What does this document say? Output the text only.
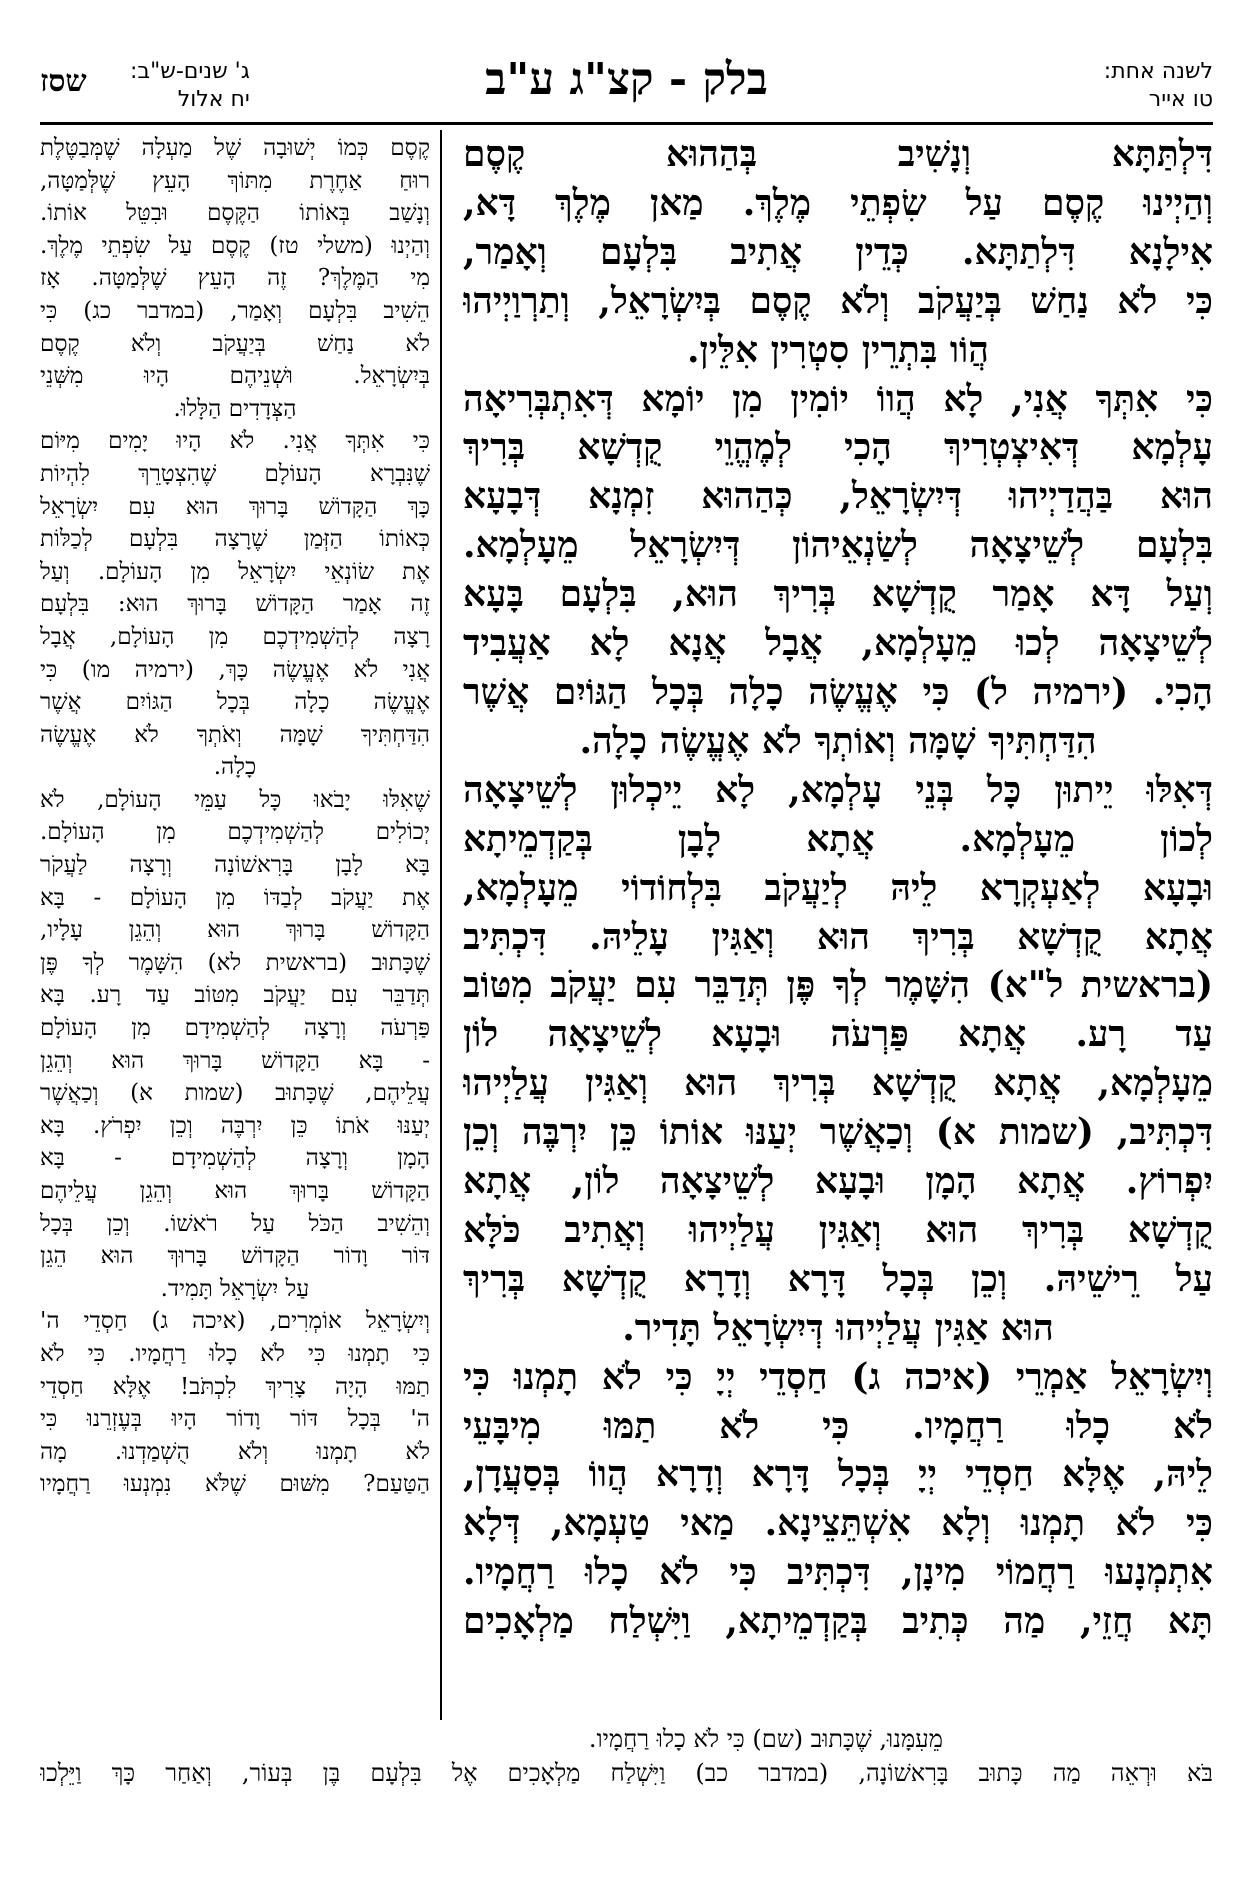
לשנה אחת:
טו אייר
בלק - קצ"ג ע"ב
ג' שנים-ש"ב:
יח אלול
שסז

דִּלְתַּתָּא וְנָשִׁיב בְּהַהוּא קֶסֶם

וְהַיְינוּ קֶסֶם עַל שִׂפְתֵי מֶלֶךְ. מַאן מֶלֶךְ דָּא,

אִילָנָא דִּלְתַתָּא. כְּדֵין אֲתִיב בִּלְעָם וְאָמַר,

כִּי לֹא נַחַשׁ בְּיַעֲקֹב וְלֹא קֶסֶם בְּיִשְׂרָאֵל, וְתַרְוַיְיהוּ

הֲוֹו בִּתְרֵין סִטְרִין אִלֵּין.

כִּי אִתְּךָ אֲנִי, לָא הֲווֹ יוֹמִין מִן יוֹמָא דְּאִתְבְּרִיאָה

עָלְמָא דְּאִיצְטְרִיךְ הָכִי לְמֶהֱוֵי קֻדְשָׁא בְּרִיךְ

הוּא בַּהֲדַיְיהוּ דְּיִשְׂרָאֵל, כְּהַהוּא זִמְנָא דְּבָעָא

בִּלְעָם לְשֵׁיצָאָה לְשַׂנְאֵיהוֹן דְּיִשְׂרָאֵל מֵעָלְמָא.

וְעַל דָּא אָמַר קֻדְשָׁא בְּרִיךְ הוּא, בִּלְעָם בָּעָא

לְשֵׁיצָאָה לְכוּ מֵעָלְמָא, אֲבָל אֲנָא לָא אַעֲבִיד

הָכִי. (ירמיה ל) כִּי אֶעֱשֶׂה כָלָה בְּכָל הַגּוֹיִם אֲשֶׁר

הִדַּחְתִּיךָ שָׁמָּה וְאוֹתְךָ לֹא אֶעֱשֶׂה כָלָה.

דְּאִלּוּ יֵיתוּן כָּל בְּנֵי עָלְמָא, לָא יֵיכְלוּן לְשֵׁיצָאָה

לְכוֹן מֵעָלְמָא. אֲתָא לָבָן בְּקַדְמֵיתָא

וּבָעָא לְאַעְקְרָא לֵיהּ לְיַעֲקֹב בִּלְחוֹדוֹי מֵעָלְמָא,

אֲתָא קֻדְשָׁא בְּרִיךְ הוּא וְאַגִּין עָלֵיהּ. דִּכְתִּיב

(בראשית ל"א) הִשָּׁמֶר לְךָ פֶּן תְּדַבֵּר עִם יַעֲקֹב מִטּוֹב

עַד רָע. אֲתָא פַּרְעֹה וּבָעָא לְשֵׁיצָאָה לוֹן

מֵעָלְמָא, אֲתָא קֻדְשָׁא בְּרִיךְ הוּא וְאַגִּין עֲלַיְיהוּ

דִּכְתִּיב, (שמות א) וְכַאֲשֶׁר יְעַנּוּ אוֹתוֹ כֵּן יִרְבֶּה וְכֵן

יִפְרוֹץ. אֲתָא הָמָן וּבָעָא לְשֵׁיצָאָה לוֹן, אֲתָא

קֻדְשָׁא בְּרִיךְ הוּא וְאַגִּין עֲלַיְיהוּ וְאֲתִיב כֹּלָּא

עַל רֵישֵׁיהּ. וְכֵן בְּכָל דָּרָא וְדָרָא קֻדְשָׁא בְּרִיךְ

הוּא אַגִּין עֲלַיְיהוּ דְּיִשְׂרָאֵל תָּדִיר.

וְיִשְׂרָאֵל אַמְרֵי (איכה ג) חַסְדֵי יְיָ כִּי לֹא תָמְנוּ כִּי

לֹא כָלוּ רַחֲמָיו. כִּי לֹא תַמּוּ מִיבָּעֵי

לֵיהּ, אֶלָּא חַסְדֵי יְיָ בְּכָל דָּרָא וְדָרָא הֲווֹ בְּסַעֲדָן,

כִּי לֹא תָמְנוּ וְלָא אִשְׁתֵּצֵינָא. מַאי טַעְמָא, דְּלָא

אִתְמְנָעוּ רַחֲמוֹי מִינָן, דִּכְתִּיב כִּי לֹא כָלוּ רַחֲמָיו.

תָּא חֲזֵי, מַה כְּתִיב בְּקַדְמֵיתָא, וַיִּשְׁלַח מַלְאָכִים

קֶסֶם כְּמוֹ יְשׁוּבָה שֶׁל מַעְלָה שֶׁמְּבַטֶּלֶת

רוּחַ אַחֶרֶת מִתּוֹךְ הָעֵץ שֶׁלְּמַטָּה,

וְנָשַׁב בְּאוֹתוֹ הַקֶּסֶם וּבִטֵּל אוֹתוֹ.

וְהַיְנוּ (משלי טז) קֶסֶם עַל שִׂפְתֵי מֶלֶךְ.

מִי הַמֶּלֶךְ? זֶה הָעֵץ שֶׁלְּמַטָּה. אָז

הֵשִׁיב בִּלְעָם וְאָמַר, (במדבר כג) כִּי

לֹא נַחַשׁ בְּיַעֲקֹב וְלֹא קֶסֶם

בְּיִשְׂרָאֵל. וּשְׁנֵיהֶם הָיוּ מִשְּׁנֵי

הַצְּדָדִים הַלָּלוּ.

כִּי אִתְּךָ אֲנִי. לֹא הָיוּ יָמִים מִיּוֹם

שֶׁנִּבְרָא הָעוֹלָם שֶׁהִצְטָרֵךְ לִהְיוֹת

כָּךְ הַקָּדוֹשׁ בָּרוּךְ הוּא עִם יִשְׂרָאֵל

כְּאוֹתוֹ הַזְּמַן שֶׁרָצָה בִּלְעָם לְכַלּוֹת

אֶת שׂוֹנְאֵי יִשְׂרָאֵל מִן הָעוֹלָם. וְעַל

זֶה אָמַר הַקָּדוֹשׁ בָּרוּךְ הוּא: בִּלְעָם

רָצָה לְהַשְׁמִידְכֶם מִן הָעוֹלָם, אֲבָל

אֲנִי לֹא אֶעֱשֶׂה כָּךְ, (ירמיה מו) כִּי

אֶעֱשֶׂה כָלָה בְּכָל הַגּוֹיִם אֲשֶׁר

הִדַּחְתִּיךָ שָׁמָּה וְאֹתְךָ לֹא אֶעֱשֶׂה

כָלָה.

שֶׁאִלּוּ יָבֹאוּ כָּל עַמֵּי הָעוֹלָם, לֹא

יְכוֹלִים לְהַשְׁמִידְכֶם מִן הָעוֹלָם.

בָּא לָבָן בָּרִאשׁוֹנָה וְרָצָה לַעֲקֹר

אֶת יַעֲקֹב לְבַדּוֹ מִן הָעוֹלָם - בָּא

הַקָּדוֹשׁ בָּרוּךְ הוּא וְהֵגֵן עָלָיו,

שֶׁכָּתוּב (בראשית לא) הִשָּׁמֶר לְךָ פֶּן

תְּדַבֵּר עִם יַעֲקֹב מִטּוֹב עַד רָע. בָּא

פַּרְעֹה וְרָצָה לְהַשְׁמִידָם מִן הָעוֹלָם

- בָּא הַקָּדוֹשׁ בָּרוּךְ הוּא וְהֵגֵן

עֲלֵיהֶם, שֶׁכָּתוּב (שמות א) וְכַאֲשֶׁר

יְעַנּוּ אֹתוֹ כֵּן יִרְבֶּה וְכֵן יִפְרֹץ. בָּא

הָמָן וְרָצָה לְהַשְׁמִידָם - בָּא

הַקָּדוֹשׁ בָּרוּךְ הוּא וְהֵגֵן עֲלֵיהֶם

וְהֵשִׁיב הַכֹּל עַל רֹאשׁוֹ. וְכֵן בְּכָל

דּוֹר וָדוֹר הַקָּדוֹשׁ בָּרוּךְ הוּא הֵגֵן

עַל יִשְׂרָאֵל תָּמִיד.

וְיִשְׂרָאֵל אוֹמְרִים, (איכה ג) חַסְדֵי ה'

כִּי תָמְנוּ כִּי לֹא כָלוּ רַחֲמָיו. כִּי לֹא

תַמּוּ הָיָה צָרִיךְ לִכְתֹּב! אֶלָּא חַסְדֵי

ה' בְּכָל דּוֹר וָדוֹר הָיוּ בְּעֶזְרֵנוּ כִּי

לֹא תָמְנוּ וְלֹא הֻשְׁמַדְנוּ. מָה

הַטַּעַם? מִשּׁוּם שֶׁלֹּא נִמְנְעוּ רַחֲמָיו

מֵעִמָּנוּ, שֶׁכָּתוּב (שם) כִּי לֹא כָלוּ רַחֲמָיו.

בֹּא וּרְאֵה מַה כָּתוּב בָּרִאשׁוֹנָה, (במדבר כב) וַיִּשְׁלַח מַלְאָכִים אֶל בִּלְעָם בֶּן בְּעוֹר, וְאַחַר כָּךְ וַיֵּלְכוּ
